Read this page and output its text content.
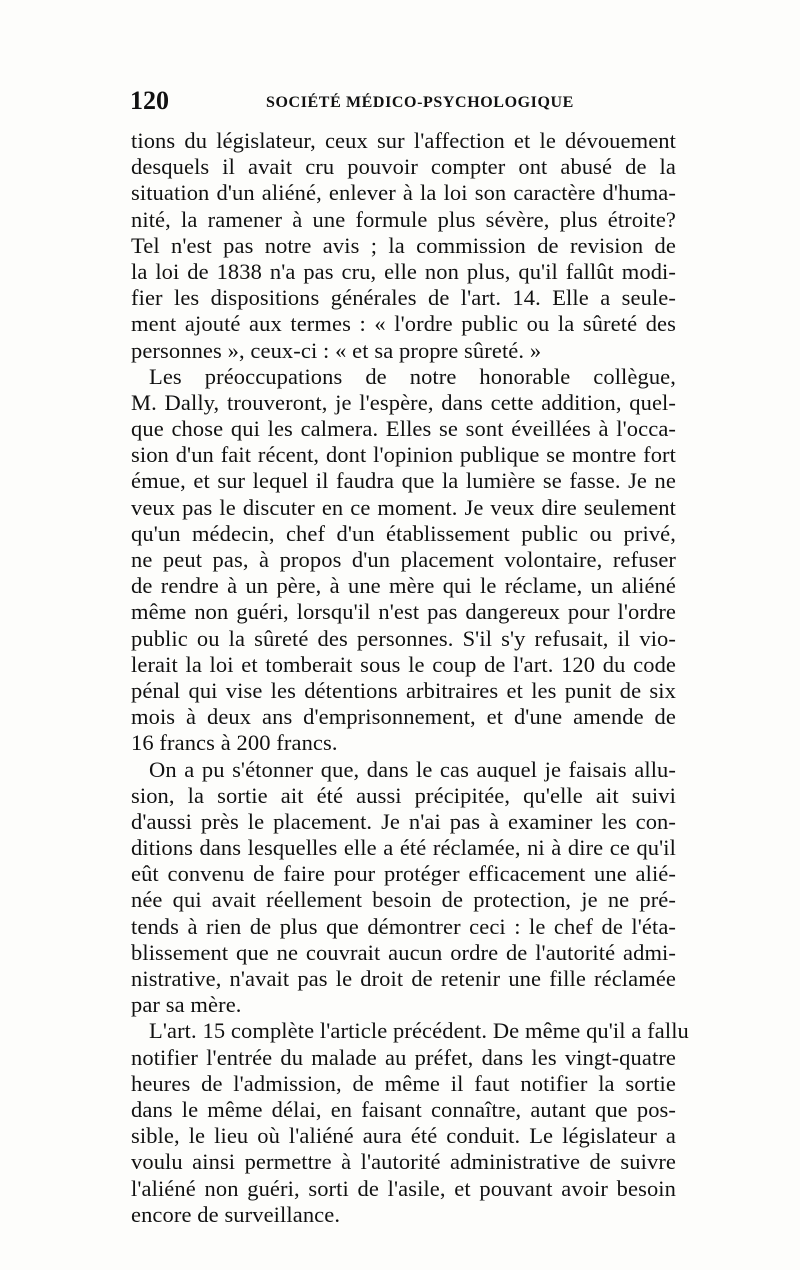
120	SOCIÉTÉ MÉDICO-PSYCHOLOGIQUE
tions du législateur, ceux sur l'affection et le dévouement
desquels il avait cru pouvoir compter ont abusé de la
situation d'un aliéné, enlever à la loi son caractère d'huma-
nité, la ramener à une formule plus sévère, plus étroite?
Tel n'est pas notre avis ; la commission de revision de
la loi de 1838 n'a pas cru, elle non plus, qu'il fallût modi-
fier les dispositions générales de l'art. 14. Elle a seule-
ment ajouté aux termes : « l'ordre public ou la sûreté des
personnes », ceux-ci : « et sa propre sûreté. »
Les préoccupations de notre honorable collègue,
M. Dally, trouveront, je l'espère, dans cette addition, quel-
que chose qui les calmera. Elles se sont éveillées à l'occa-
sion d'un fait récent, dont l'opinion publique se montre fort
émue, et sur lequel il faudra que la lumière se fasse. Je ne
veux pas le discuter en ce moment. Je veux dire seulement
qu'un médecin, chef d'un établissement public ou privé,
ne peut pas, à propos d'un placement volontaire, refuser
de rendre à un père, à une mère qui le réclame, un aliéné
même non guéri, lorsqu'il n'est pas dangereux pour l'ordre
public ou la sûreté des personnes. S'il s'y refusait, il vio-
lerait la loi et tomberait sous le coup de l'art. 120 du code
pénal qui vise les détentions arbitraires et les punit de six
mois à deux ans d'emprisonnement, et d'une amende de
16 francs à 200 francs.
On a pu s'étonner que, dans le cas auquel je faisais allu-
sion, la sortie ait été aussi précipitée, qu'elle ait suivi
d'aussi près le placement. Je n'ai pas à examiner les con-
ditions dans lesquelles elle a été réclamée, ni à dire ce qu'il
eût convenu de faire pour protéger efficacement une alié-
née qui avait réellement besoin de protection, je ne pré-
tends à rien de plus que démontrer ceci : le chef de l'éta-
blissement que ne couvrait aucun ordre de l'autorité admi-
nistrative, n'avait pas le droit de retenir une fille réclamée
par sa mère.
L'art. 15 complète l'article précédent. De même qu'il a fallu
notifier l'entrée du malade au préfet, dans les vingt-quatre
heures de l'admission, de même il faut notifier la sortie
dans le même délai, en faisant connaître, autant que pos-
sible, le lieu où l'aliéné aura été conduit. Le législateur a
voulu ainsi permettre à l'autorité administrative de suivre
l'aliéné non guéri, sorti de l'asile, et pouvant avoir besoin
encore de surveillance.
